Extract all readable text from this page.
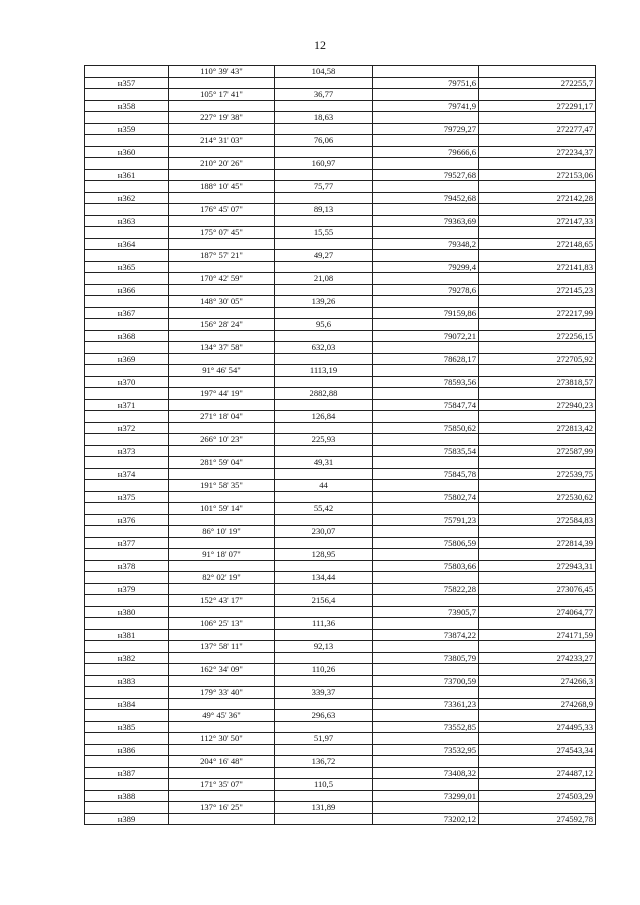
12
	110° 39' 43"	104,58		
н357			79751,6	272255,7
	105° 17' 41"	36,77		
н358			79741,9	272291,17
	227° 19' 38"	18,63		
н359			79729,27	272277,47
	214° 31' 03"	76,06		
н360			79666,6	272234,37
	210° 20' 26"	160,97		
н361			79527,68	272153,06
	188° 10' 45"	75,77		
н362			79452,68	272142,28
	176° 45' 07"	89,13		
н363			79363,69	272147,33
	175° 07' 45"	15,55		
н364			79348,2	272148,65
	187° 57' 21"	49,27		
н365			79299,4	272141,83
	170° 42' 59"	21,08		
н366			79278,6	272145,23
	148° 30' 05"	139,26		
н367			79159,86	272217,99
	156° 28' 24"	95,6		
н368			79072,21	272256,15
	134° 37' 58"	632,03		
н369			78628,17	272705,92
	91° 46' 54"	1113,19		
н370			78593,56	273818,57
	197° 44' 19"	2882,88		
н371			75847,74	272940,23
	271° 18' 04"	126,84		
н372			75850,62	272813,42
	266° 10' 23"	225,93		
н373			75835,54	272587,99
	281° 59' 04"	49,31		
н374			75845,78	272539,75
	191° 58' 35"	44		
н375			75802,74	272530,62
	101° 59' 14"	55,42		
н376			75791,23	272584,83
	86° 10' 19"	230,07		
н377			75806,59	272814,39
	91° 18' 07"	128,95		
н378			75803,66	272943,31
	82° 02' 19"	134,44		
н379			75822,28	273076,45
	152° 43' 17"	2156,4		
н380			73905,7	274064,77
	106° 25' 13"	111,36		
н381			73874,22	274171,59
	137° 58' 11"	92,13		
н382			73805,79	274233,27
	162° 34' 09"	110,26		
н383			73700,59	274266,3
	179° 33' 40"	339,37		
н384			73361,23	274268,9
	49° 45' 36"	296,63		
н385			73552,85	274495,33
	112° 30' 50"	51,97		
н386			73532,95	274543,34
	204° 16' 48"	136,72		
н387			73408,32	274487,12
	171° 35' 07"	110,5		
н388			73299,01	274503,29
	137° 16' 25"	131,89		
н389			73202,12	274592,78
